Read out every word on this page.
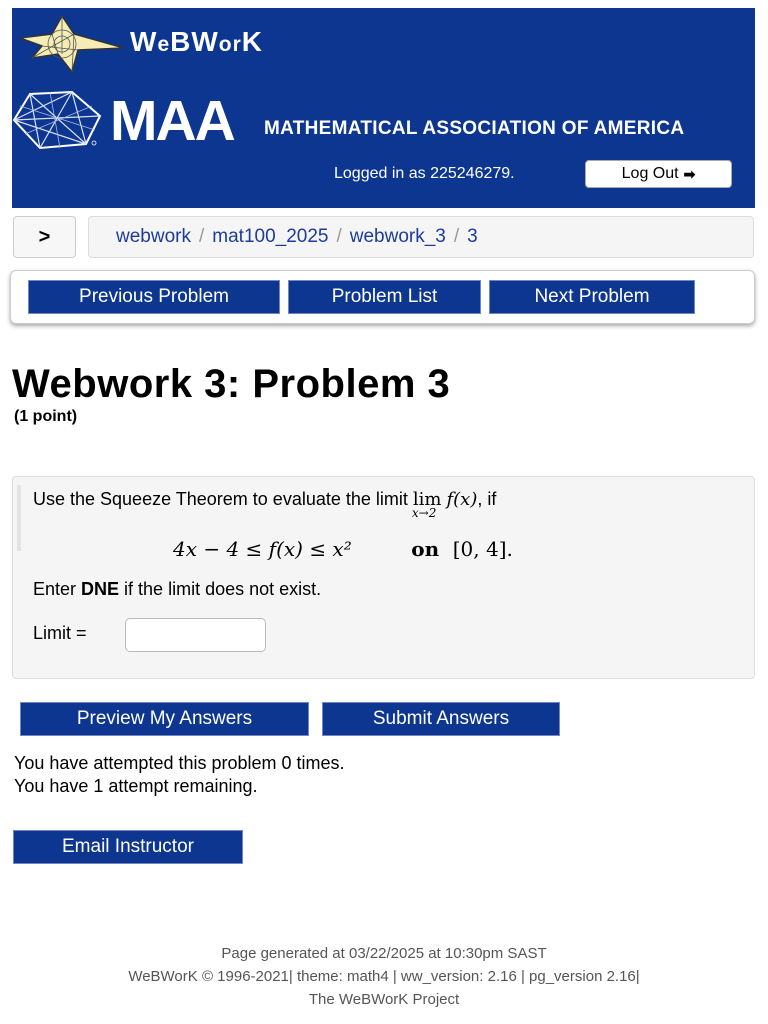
WeBWorK
MAA MATHEMATICAL ASSOCIATION OF AMERICA
Logged in as 225246279.	Log Out ➡
>	webwork / mat100_2025 / webwork_3 / 3
Previous Problem	Problem List	Next Problem
Webwork 3: Problem 3
(1 point)
Use the Squeeze Theorem to evaluate the limit lim
x→2
f(x), if
4x − 4 ≤ f(x) ≤ x²	on [0, 4].
Enter DNE if the limit does not exist.
Limit =
Preview My Answers	Submit Answers
You have attempted this problem 0 times.
You have 1 attempt remaining.
Email Instructor
Page generated at 03/22/2025 at 10:30pm SAST
WeBWorK © 1996-2021| theme: math4 | ww_version: 2.16 | pg_version 2.16|
The WeBWorK Project
